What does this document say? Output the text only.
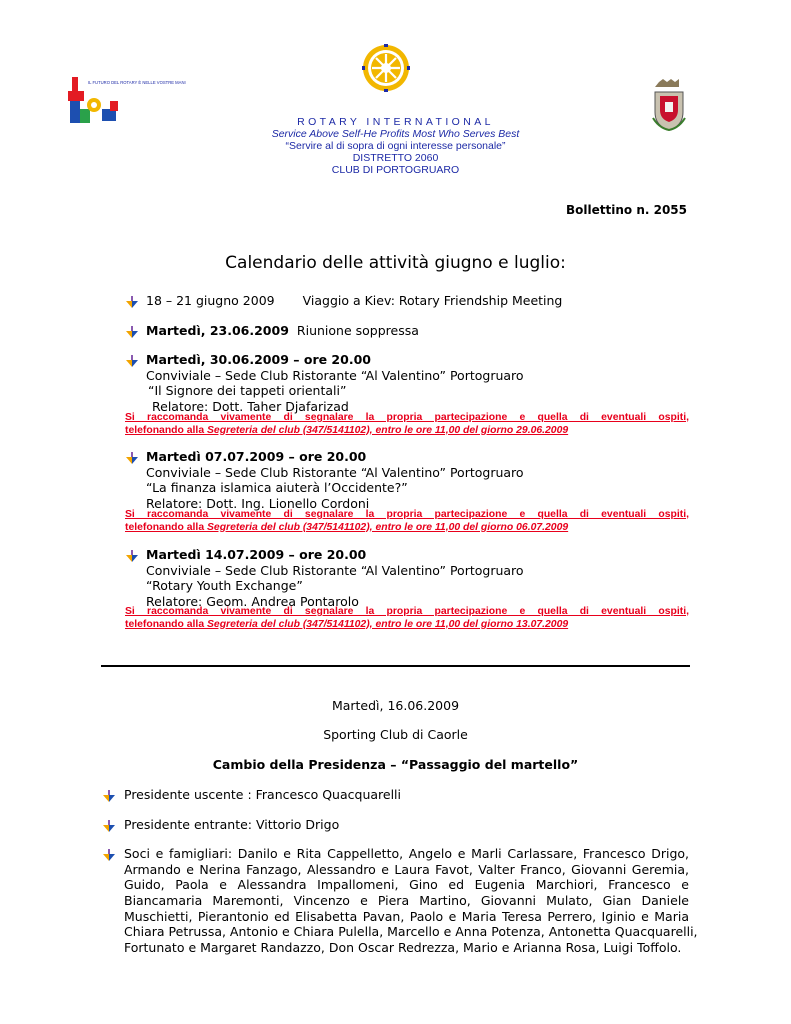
IL FUTURO DEL ROTARY È NELLE VOSTRE MANI
ROTARY INTERNATIONAL
Service Above Self-He Profits Most Who Serves Best
“Servire al di sopra di ogni interesse personale”
DISTRETTO 2060
CLUB DI PORTOGRUARO
Bollettino n. 2055
Calendario delle attività giugno e luglio:
18 – 21 giugno 2009 Viaggio a Kiev: Rotary Friendship Meeting
Martedì, 23.06.2009 Riunione soppressa
Martedì, 30.06.2009 – ore 20.00
Conviviale – Sede Club Ristorante “Al Valentino” Portogruaro
“Il Signore dei tappeti orientali”
Relatore: Dott. Taher Djafarizad
Si raccomanda vivamente di segnalare la propria partecipazione e quella di eventuali ospiti,
telefonando alla Segreteria del club (347/5141102), entro le ore 11,00 del giorno 29.06.2009
Martedì 07.07.2009 – ore 20.00
Conviviale – Sede Club Ristorante “Al Valentino” Portogruaro
“La finanza islamica aiuterà l’Occidente?”
Relatore: Dott. Ing. Lionello Cordoni
Si raccomanda vivamente di segnalare la propria partecipazione e quella di eventuali ospiti,
telefonando alla Segreteria del club (347/5141102), entro le ore 11,00 del giorno 06.07.2009
Martedì 14.07.2009 – ore 20.00
Conviviale – Sede Club Ristorante “Al Valentino” Portogruaro
“Rotary Youth Exchange”
Relatore: Geom. Andrea Pontarolo
Si raccomanda vivamente di segnalare la propria partecipazione e quella di eventuali ospiti,
telefonando alla Segreteria del club (347/5141102), entro le ore 11,00 del giorno 13.07.2009
Martedì, 16.06.2009
Sporting Club di Caorle
Cambio della Presidenza – “Passaggio del martello”
Presidente uscente : Francesco Quacquarelli
Presidente entrante: Vittorio Drigo
Soci e famigliari: Danilo e Rita Cappelletto, Angelo e Marli Carlassare, Francesco Drigo,
Armando e Nerina Fanzago, Alessandro e Laura Favot, Valter Franco, Giovanni Geremia,
Guido, Paola e Alessandra Impallomeni, Gino ed Eugenia Marchiori, Francesco e
Biancamaria Maremonti, Vincenzo e Piera Martino, Giovanni Mulato, Gian Daniele
Muschietti, Pierantonio ed Elisabetta Pavan, Paolo e Maria Teresa Perrero, Iginio e Maria
Chiara Petrussa, Antonio e Chiara Pulella, Marcello e Anna Potenza, Antonetta Quacquarelli,
Fortunato e Margaret Randazzo, Don Oscar Redrezza, Mario e Arianna Rosa, Luigi Toffolo.
